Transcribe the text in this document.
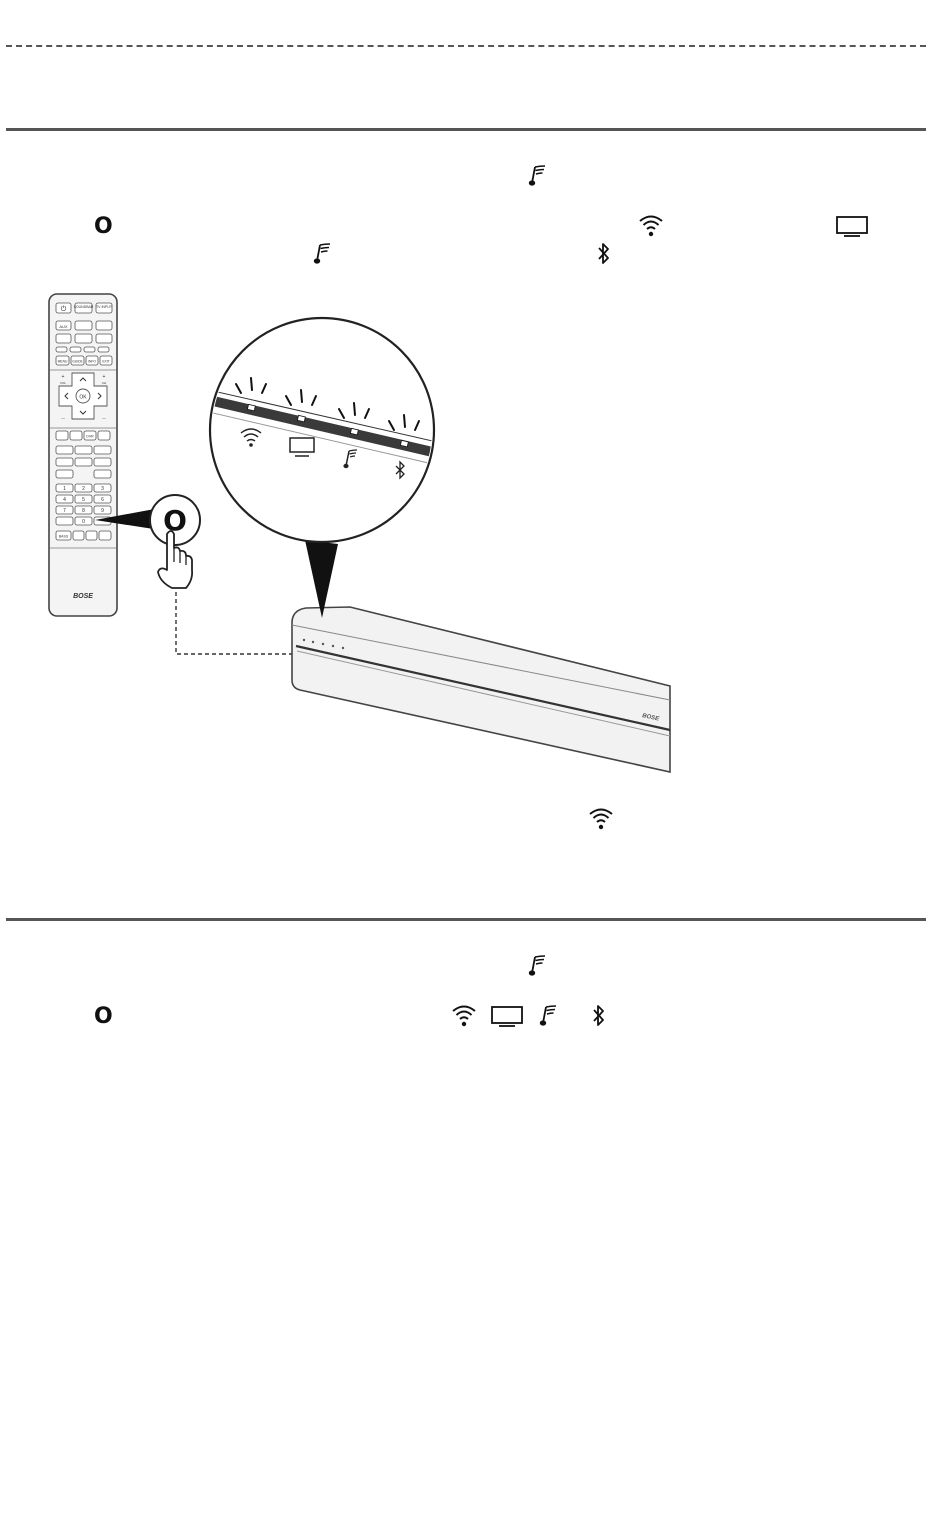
O
⏻ SOUNDBAR TV INPUT
AUX
MENU GUIDE INFO EXIT
OK
+
VOL
+
CH
—	—
DVR
1	2	3
4	5	6
7	8	9
0
BASS
BOSE
O
BOSE
O
